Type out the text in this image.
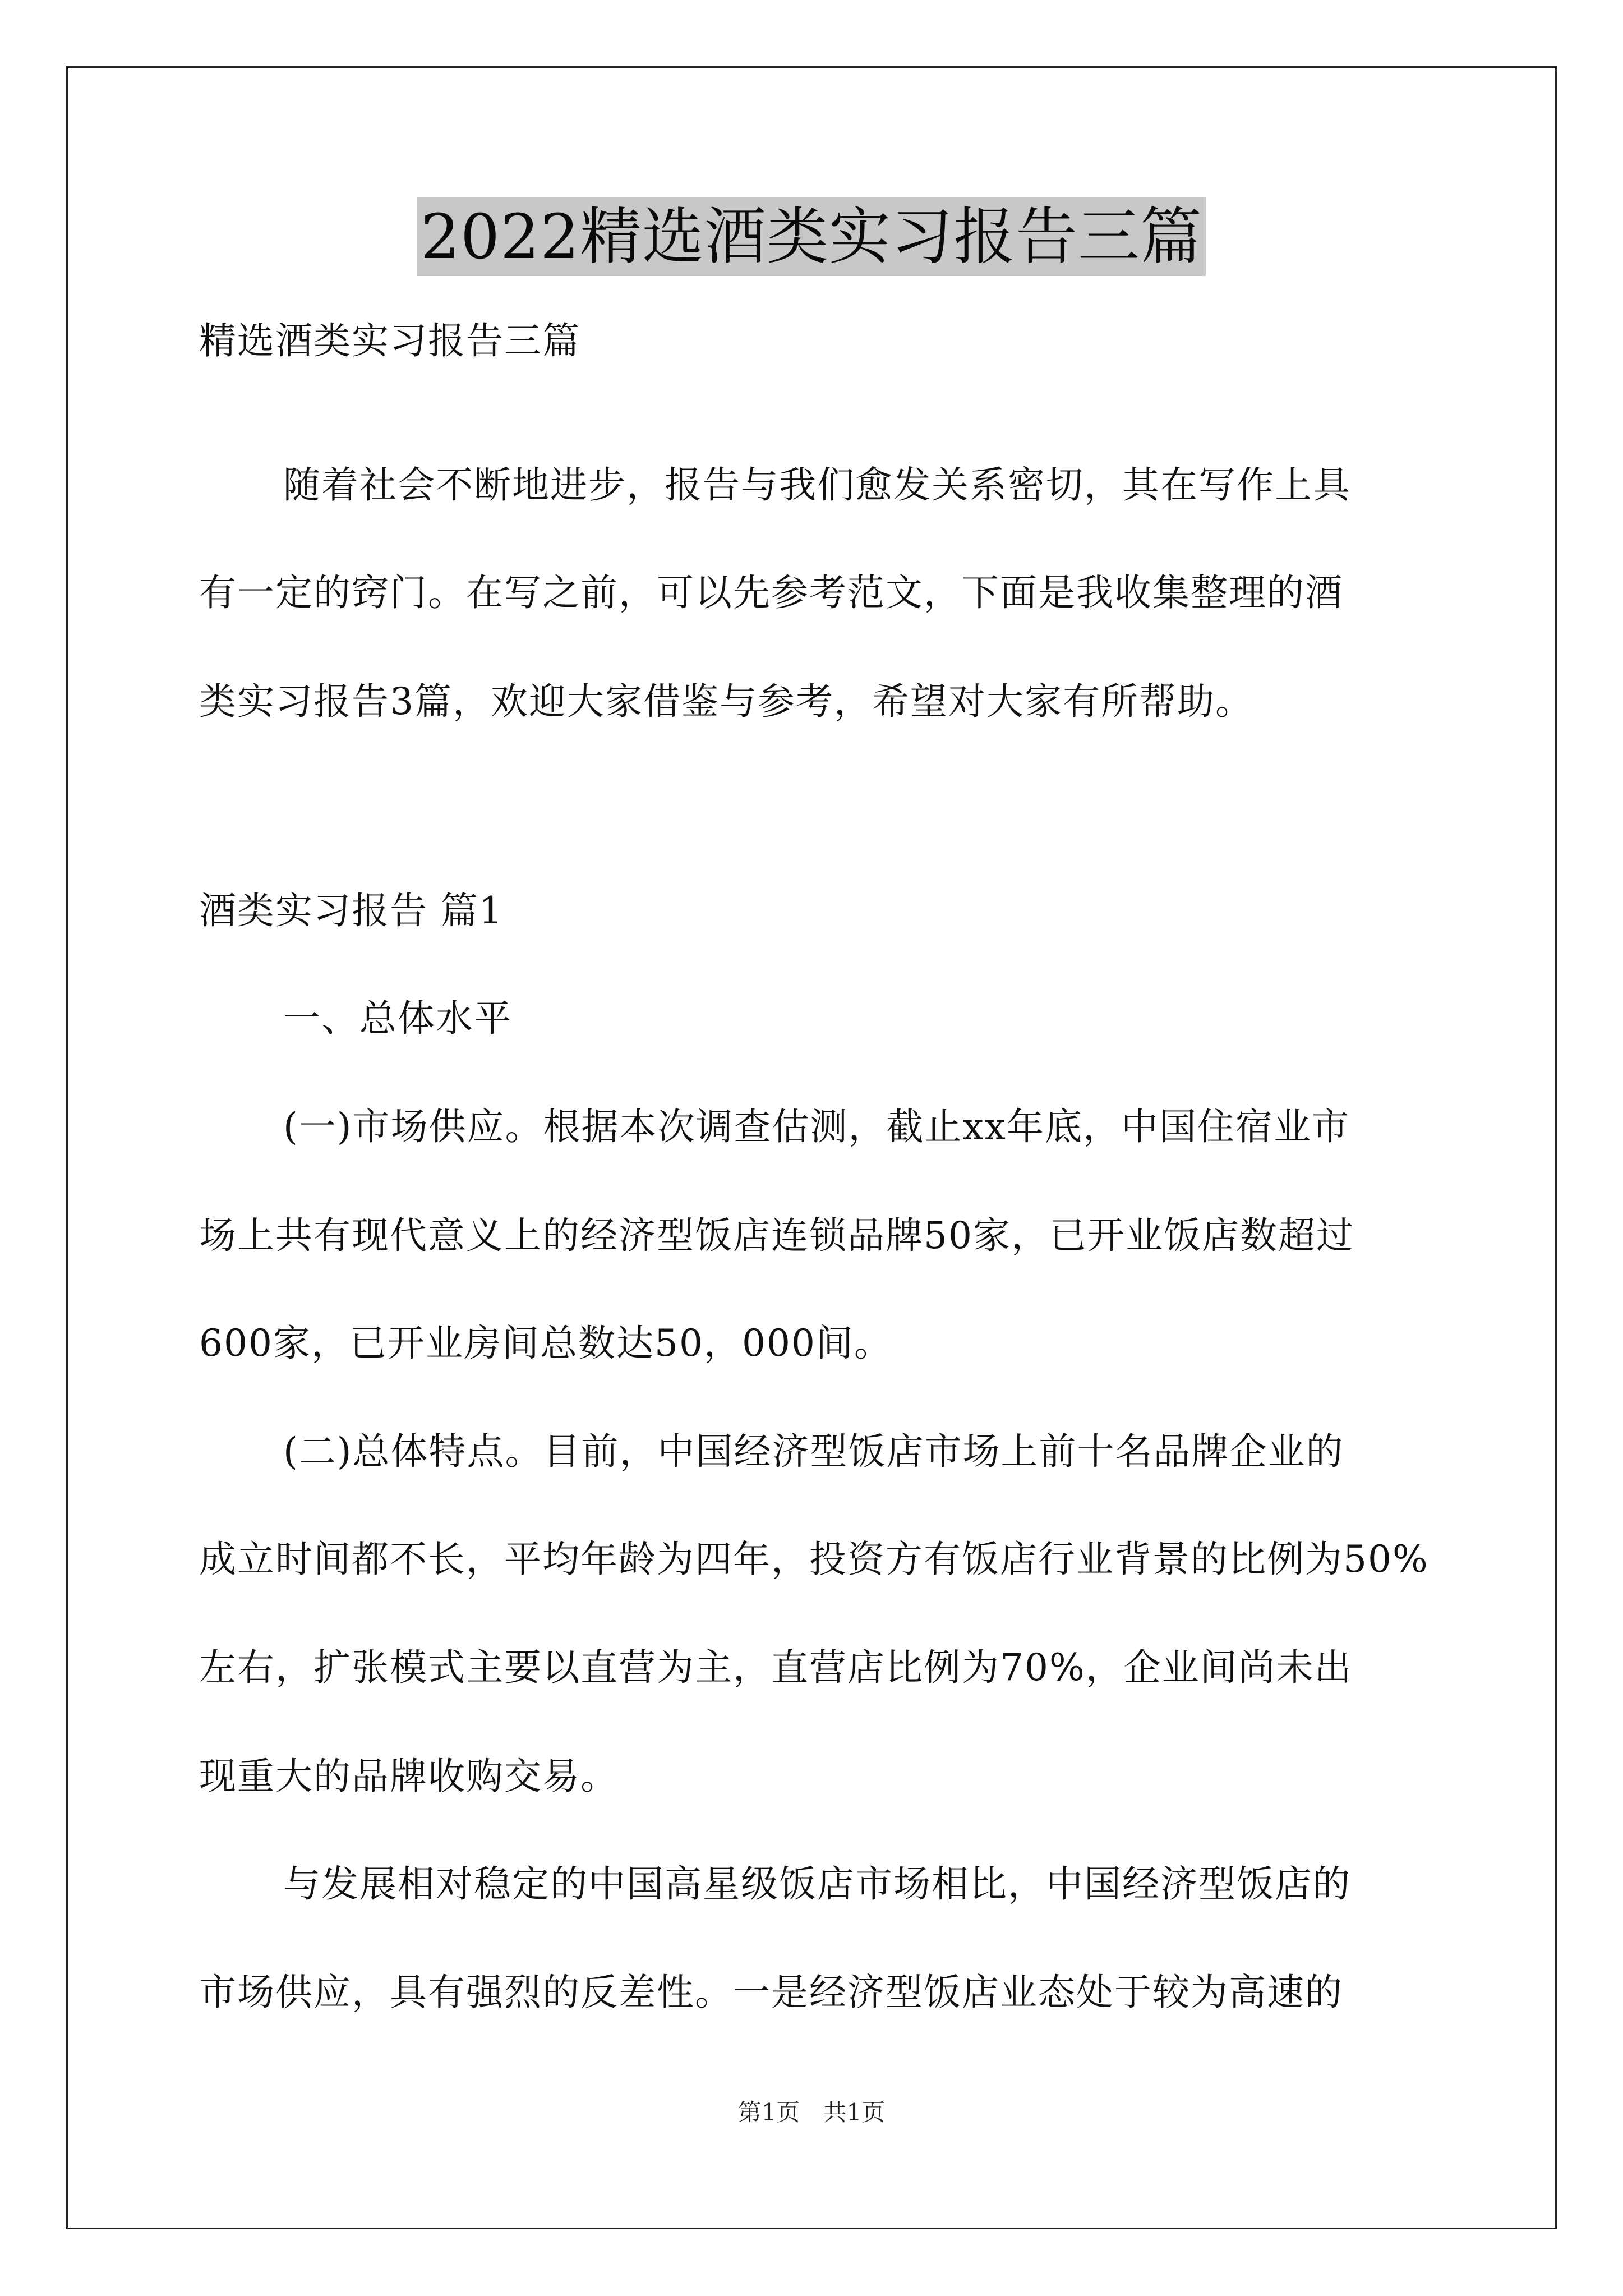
2022精选酒类实习报告三篇
精选酒类实习报告三篇
随着社会不断地进步，报告与我们愈发关系密切，其在写作上具
有一定的窍门。在写之前，可以先参考范文，下面是我收集整理的酒
类实习报告3篇，欢迎大家借鉴与参考，希望对大家有所帮助。
酒类实习报告 篇1
一、总体水平
(一)市场供应。根据本次调查估测，截止xx年底，中国住宿业市
场上共有现代意义上的经济型饭店连锁品牌50家，已开业饭店数超过
600家，已开业房间总数达50，000间。
(二)总体特点。目前，中国经济型饭店市场上前十名品牌企业的
成立时间都不长，平均年龄为四年，投资方有饭店行业背景的比例为50%
左右，扩张模式主要以直营为主，直营店比例为70%，企业间尚未出
现重大的品牌收购交易。
与发展相对稳定的中国高星级饭店市场相比，中国经济型饭店的
市场供应，具有强烈的反差性。一是经济型饭店业态处于较为高速的
第1页 共1页
